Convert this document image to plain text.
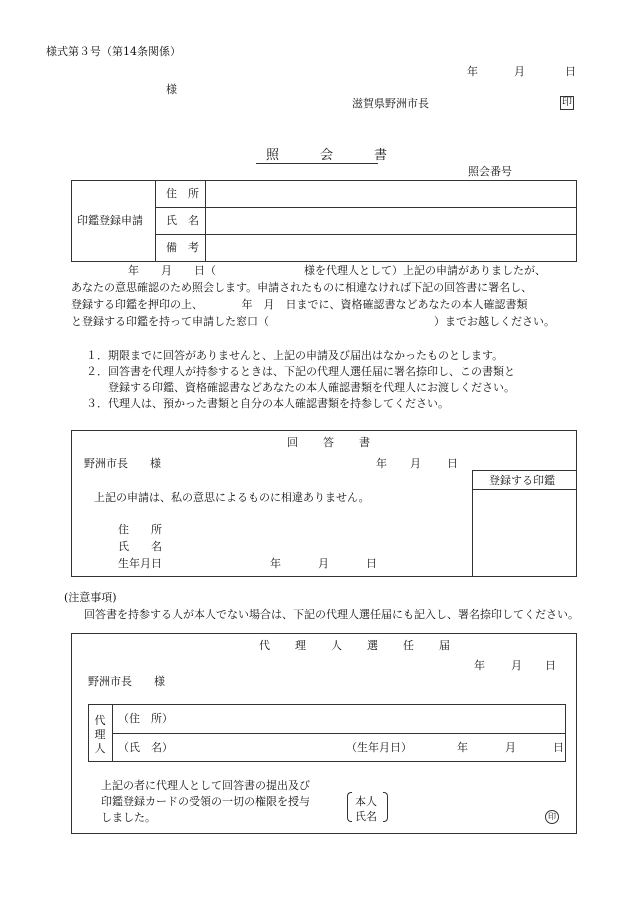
様式第３号（第14条関係）
年	月	日
様
滋賀県野洲市長	印
照　会　書
照会番号
印鑑登録申請
住　所
氏　名
備　考
年　　月　　日（　　　　　　　　様を代理人として）上記の申請がありましたが、
あなたの意思確認のため照会します。申請されたものに相違なければ下記の回答書に署名し、
登録する印鑑を押印の上、　　　　年　月　日までに、資格確認書などあなたの本人確認書類
と登録する印鑑を持って申請した窓口（　　　　　　　　　　　　　　　）までお越しください。
１．期限までに回答がありませんと、上記の申請及び届出はなかったものとします。
２．回答書を代理人が持参するときは、下記の代理人選任届に署名捺印し、この書類と
　　登録する印鑑、資格確認書などあなたの本人確認書類を代理人にお渡しください。
３．代理人は、預かった書類と自分の本人確認書類を持参してください。
回　答　書
野洲市長　　様	年 月 日
登録する印鑑
上記の申請は、私の意思によるものに相違ありません。
住　　所
氏　　名
生年月日	年	月	日
(注意事項)
回答書を持参する人が本人でない場合は、下記の代理人選任届にも記入し、署名捺印してください。
代　理　人　選　任　届
年 月 日
野洲市長　　様
代理人
（住　所）
（氏　名）	（生年月日）	年	月	日
上記の者に代理人として回答書の提出及び
印鑑登録カードの受領の一切の権限を授与
しました。
本人
氏名	印
